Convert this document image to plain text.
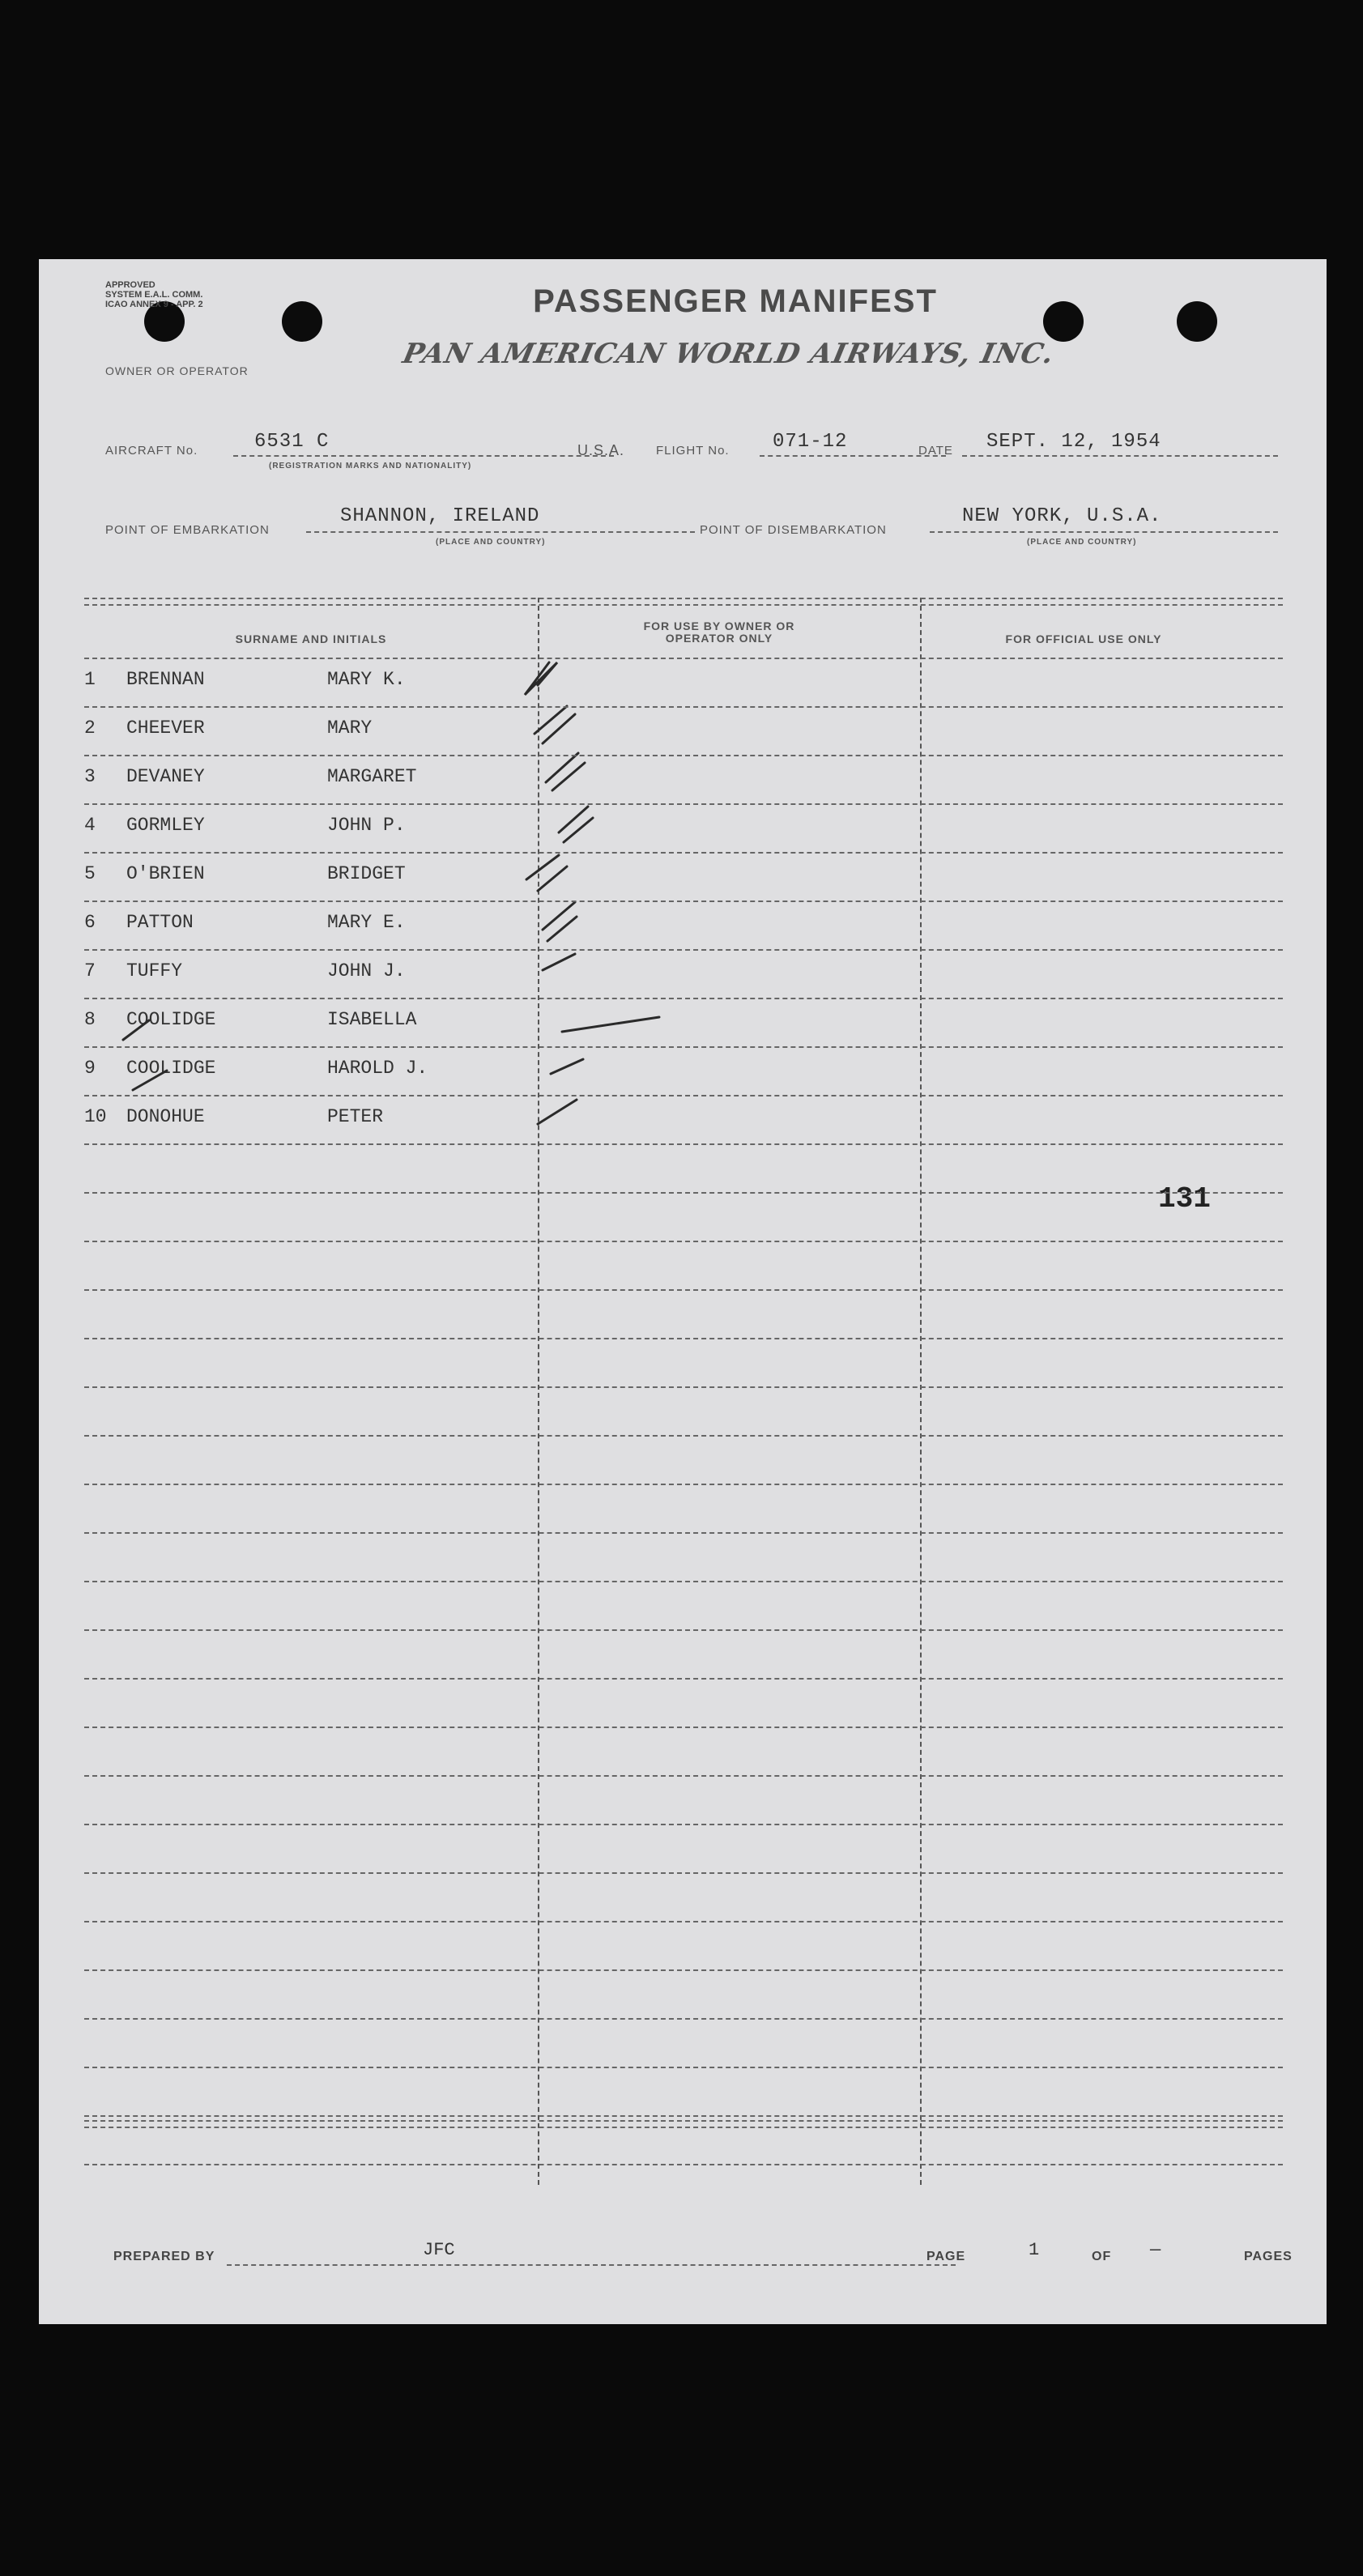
APPROVED
SYSTEM E.A.L. COMM.
ICAO ANNEX 9 - APP. 2	PASSENGER MANIFEST
OWNER OR OPERATOR
PAN AMERICAN WORLD AIRWAYS, INC.
AIRCRAFT No.	6531 C
(REGISTRATION MARKS AND NATIONALITY)
U.S.A.	FLIGHT No. 071-12	DATE SEPT. 12, 1954
POINT OF EMBARKATION
SHANNON, IRELAND
(PLACE AND COUNTRY)
POINT OF DISEMBARKATION
NEW YORK, U.S.A.
(PLACE AND COUNTRY)
SURNAME AND INITIALS
FOR USE BY OWNER OR OPERATOR ONLY	FOR OFFICIAL USE ONLY
1	BRENNAN	MARY K.
2	CHEEVER	MARY
3	DEVANEY	MARGARET
4	GORMLEY	JOHN P.
5	O'BRIEN	BRIDGET
6	PATTON	MARY E.
7	TUFFY	JOHN J.
8	COOLIDGE	ISABELLA
9	COOLIDGE	HAROLD J.
10 DONOHUE	PETER
131
PREPARED BY	JFC	PAGE	1	OF —	PAGES
